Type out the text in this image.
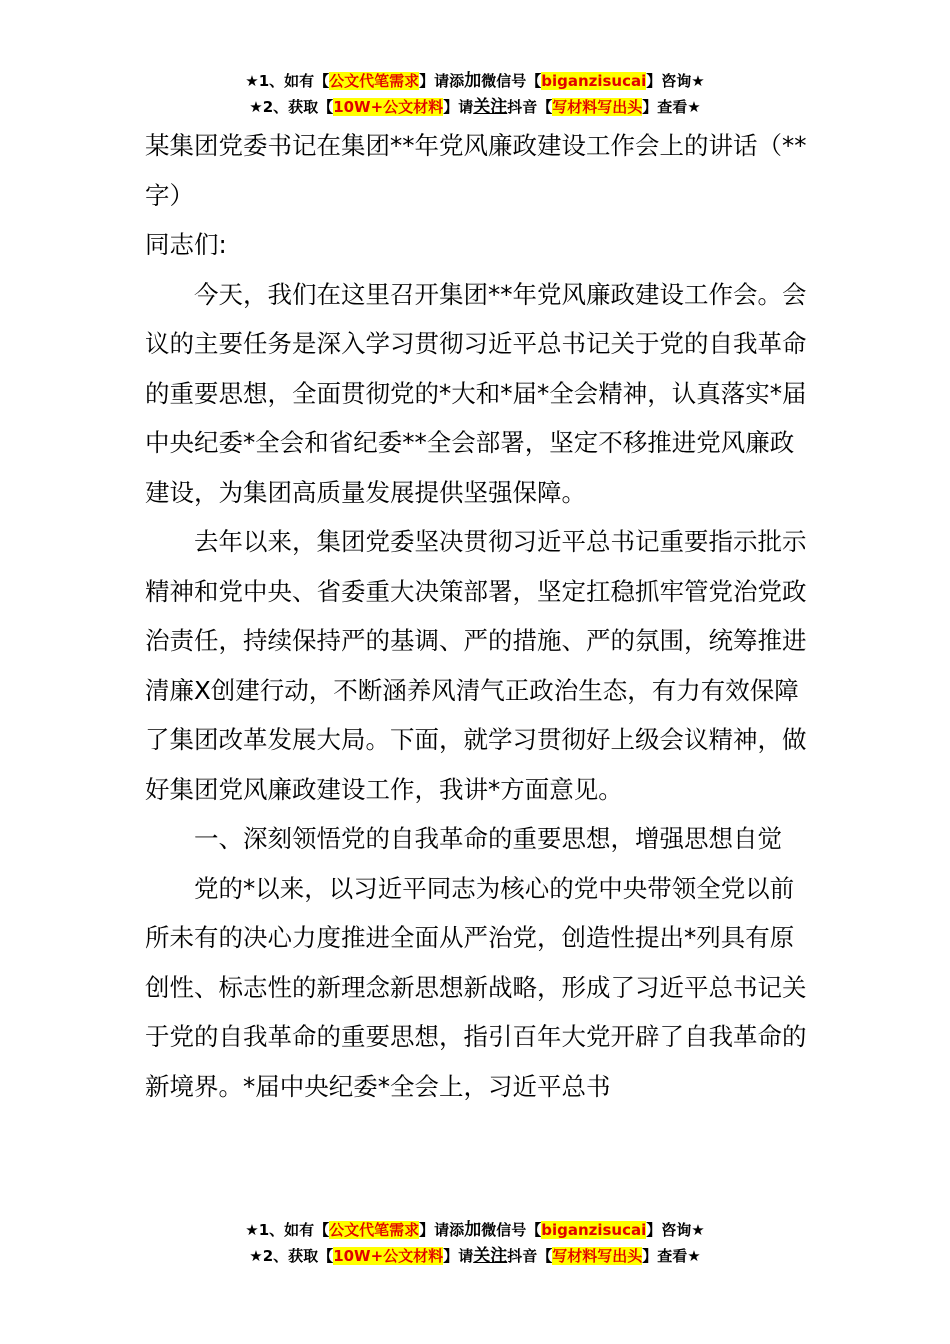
★1、如有【公文代笔需求】请添加微信号【biganzisucai】咨询★
★2、获取【10W+公文材料】请关注抖音【写材料写出头】查看★

某集团党委书记在集团**年党风廉政建设工作会上的讲话（**字）

同志们:

今天，我们在这里召开集团**年党风廉政建设工作会。会议的主要任务是深入学习贯彻习近平总书记关于党的自我革命的重要思想，全面贯彻党的*大和*届*全会精神，认真落实*届中央纪委*全会和省纪委**全会部署，坚定不移推进党风廉政建设，为集团高质量发展提供坚强保障。

去年以来，集团党委坚决贯彻习近平总书记重要指示批示精神和党中央、省委重大决策部署，坚定扛稳抓牢管党治党政治责任，持续保持严的基调、严的措施、严的氛围，统筹推进清廉X创建行动，不断涵养风清气正政治生态，有力有效保障了集团改革发展大局。下面，就学习贯彻好上级会议精神，做好集团党风廉政建设工作，我讲*方面意见。

一、深刻领悟党的自我革命的重要思想，增强思想自觉

党的*以来，以习近平同志为核心的党中央带领全党以前所未有的决心力度推进全面从严治党，创造性提出*列具有原创性、标志性的新理念新思想新战略，形成了习近平总书记关于党的自我革命的重要思想，指引百年大党开辟了自我革命的新境界。*届中央纪委*全会上，习近平总书

★1、如有【公文代笔需求】请添加微信号【biganzisucai】咨询★
★2、获取【10W+公文材料】请关注抖音【写材料写出头】查看★
